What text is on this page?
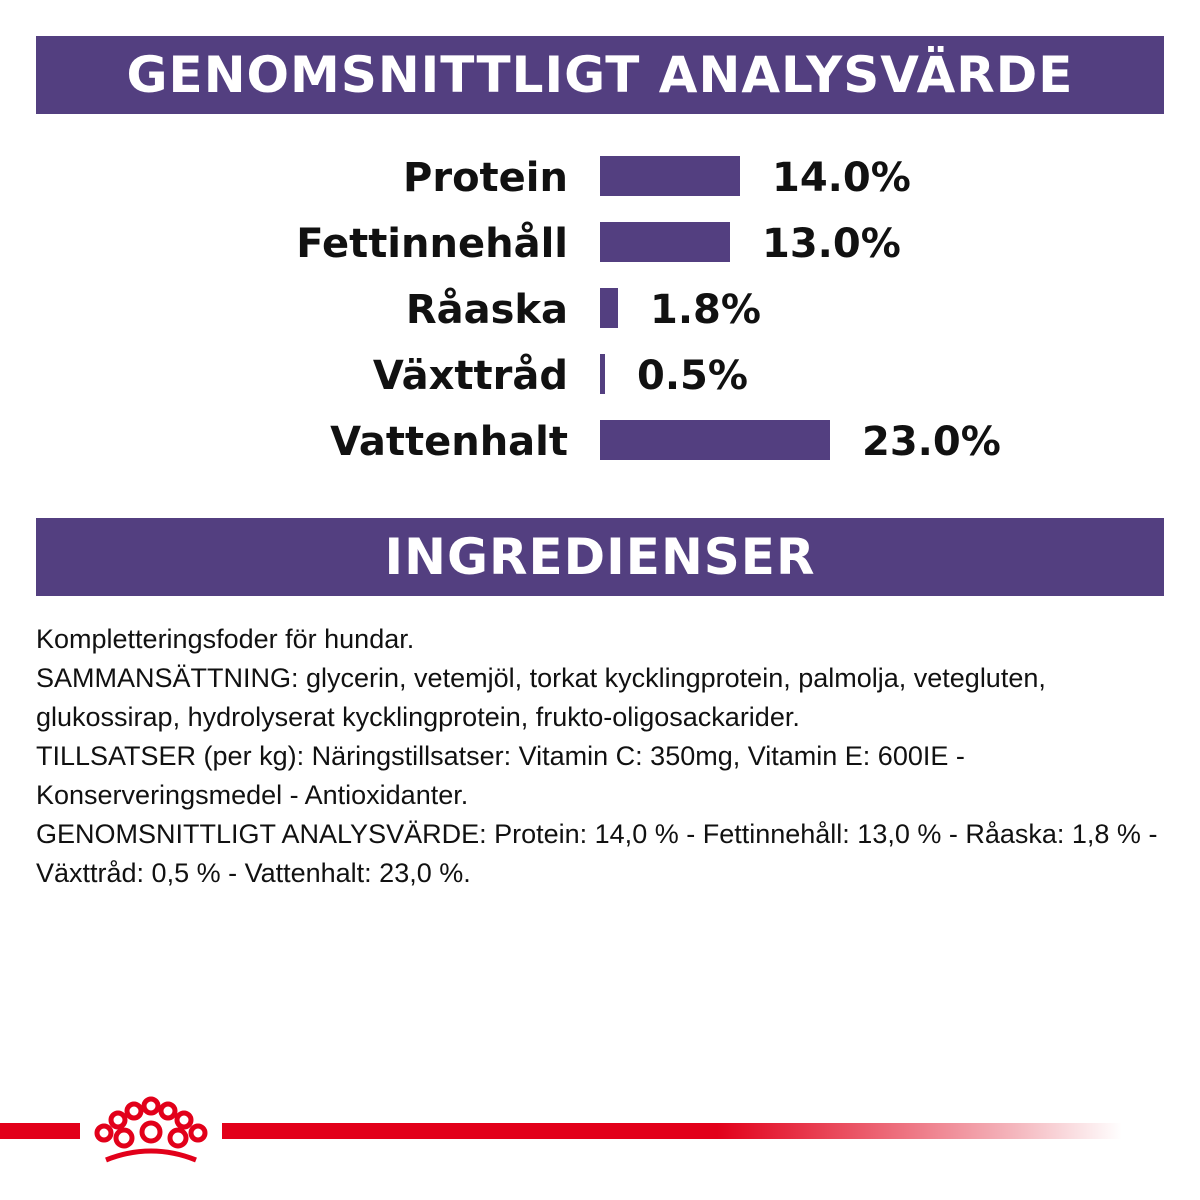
GENOMSNITTLIGT ANALYSVÄRDE
Protein	14.0%
Fettinnehåll	13.0%
Råaska 1.8%
Växttråd 0.5%
Vattenhalt	23.0%
INGREDIENSER

Kompletteringsfoder för hundar.

SAMMANSÄTTNING: glycerin, vetemjöl, torkat kycklingprotein, palmolja, vetegluten, glukossirap, hydrolyserat kycklingprotein, frukto-oligosackarider.

TILLSATSER (per kg): Näringstillsatser: Vitamin C: 350mg, Vitamin E: 600IE - Konserveringsmedel - Antioxidanter.

GENOMSNITTLIGT ANALYSVÄRDE: Protein: 14,0 % - Fettinnehåll: 13,0 % - Råaska: 1,8 % - Växttråd: 0,5 % - Vattenhalt: 23,0 %.
